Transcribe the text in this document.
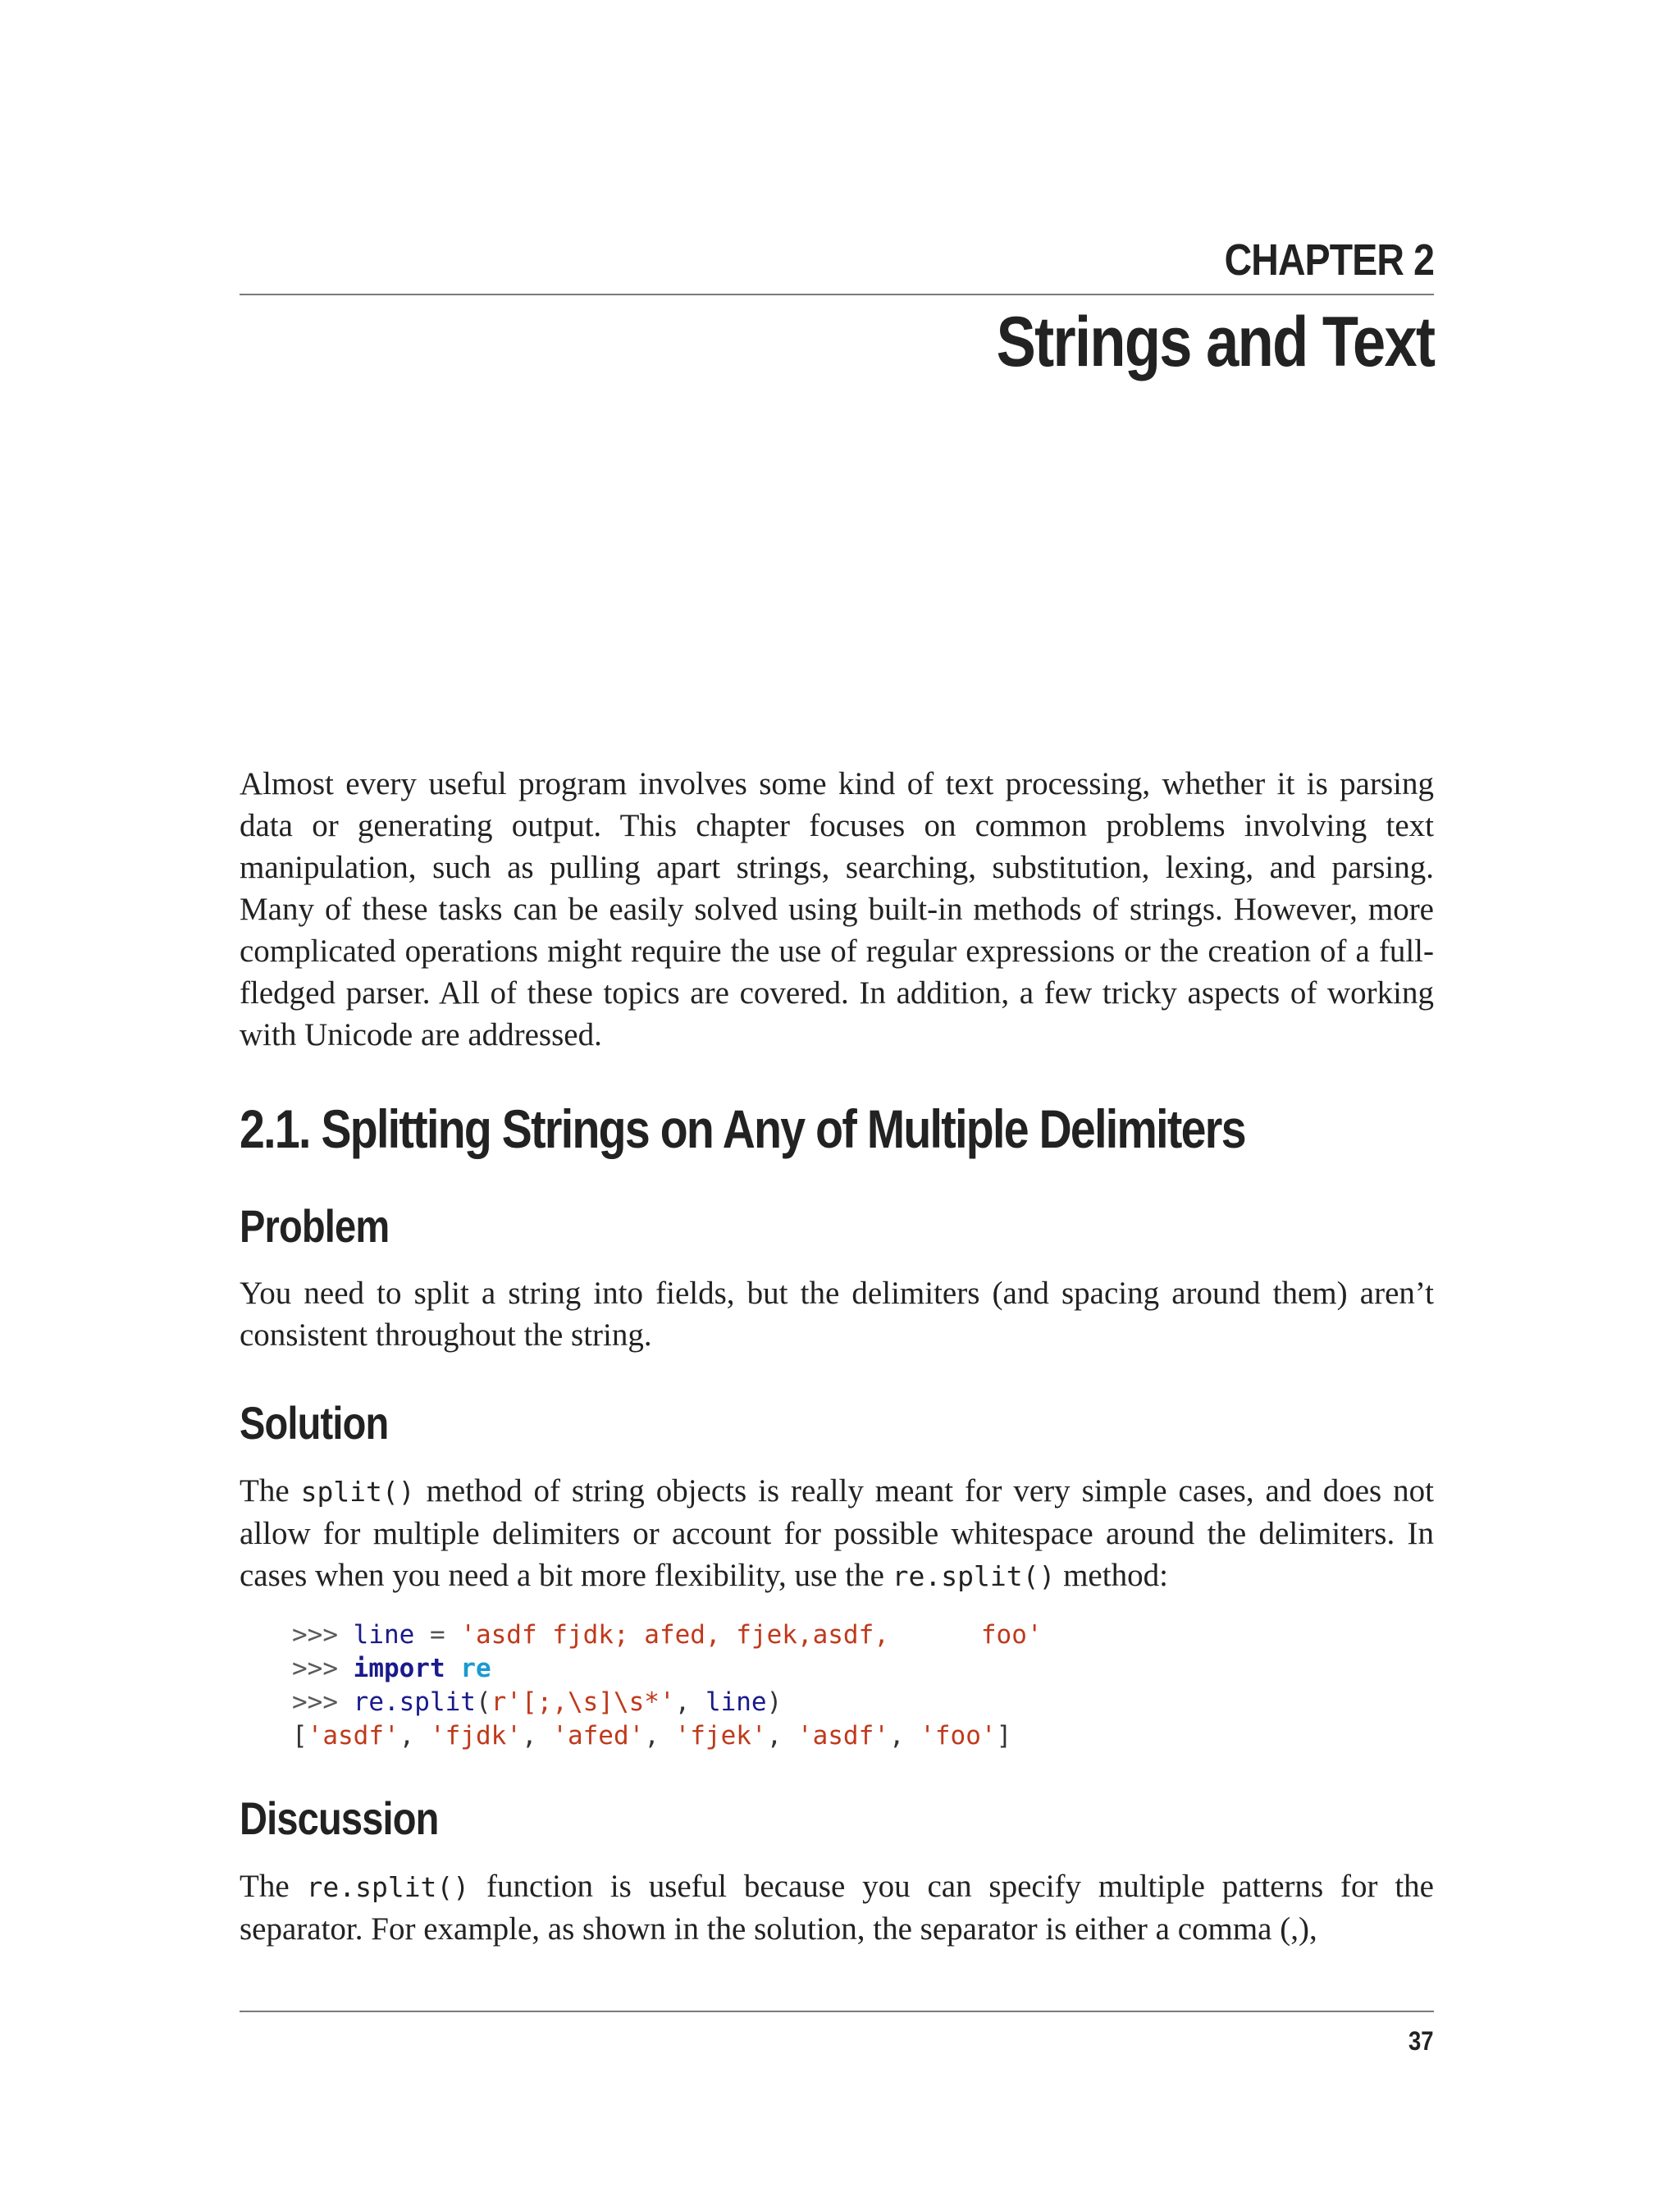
CHAPTER 2
Strings and Text

Almost every useful program involves some kind of text processing, whether it is parsing data or generating output. This chapter focuses on common problems involving text manipulation, such as pulling apart strings, searching, substitution, lexing, and parsing. Many of these tasks can be easily solved using built-in methods of strings. However, more complicated operations might require the use of regular expressions or the creation of a full-fledged parser. All of these topics are covered. In addition, a few tricky aspects of working with Unicode are addressed.

2.1. Splitting Strings on Any of Multiple Delimiters
Problem

You need to split a string into fields, but the delimiters (and spacing around them) aren’t consistent throughout the string.

Solution

The split() method of string objects is really meant for very simple cases, and does not allow for multiple delimiters or account for possible whitespace around the delimiters. In cases when you need a bit more flexibility, use the re.split() method:

>>> line = 'asdf fjdk; afed, fjek,asdf,      foo'
>>> import re
>>> re.split(r'[;,\s]\s*', line)
['asdf', 'fjdk', 'afed', 'fjek', 'asdf', 'foo']
Discussion

The re.split() function is useful because you can specify multiple patterns for the separator. For example, as shown in the solution, the separator is either a comma (,),

37
